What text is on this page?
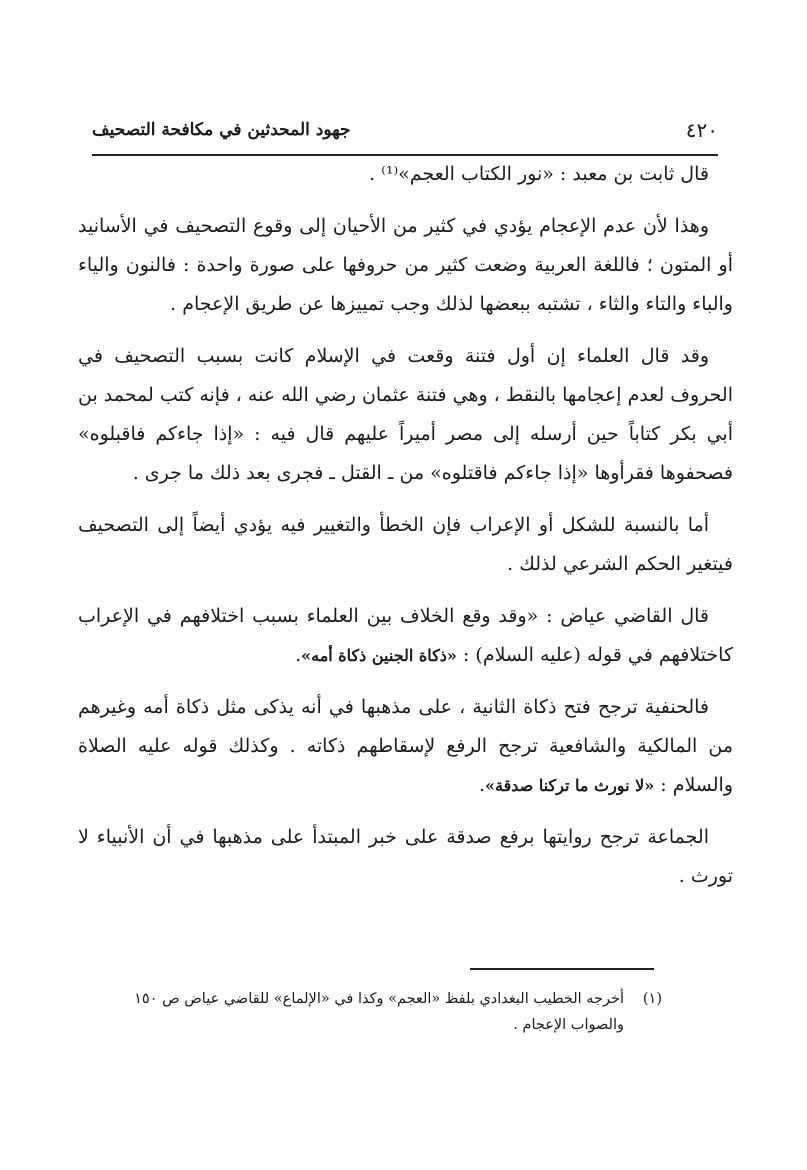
٤٢٠
جهود المحدثين في مكافحة التصحيف

قال ثابت بن معبد : «نور الكتاب العجم»⁽¹⁾ .

وهذا لأن عدم الإعجام يؤدي في كثير من الأحيان إلى وقوع التصحيف في الأسانيد أو المتون ؛ فاللغة العربية وضعت كثير من حروفها على صورة واحدة : فالنون والياء والباء والتاء والثاء ، تشتبه ببعضها لذلك وجب تمييزها عن طريق الإعجام .

وقد قال العلماء إن أول فتنة وقعت في الإسلام كانت بسبب التصحيف في الحروف لعدم إعجامها بالنقط ، وهي فتنة عثمان رضي الله عنه ، فإنه كتب لمحمد بن أبي بكر كتاباً حين أرسله إلى مصر أميراً عليهم قال فيه : «إذا جاءكم فاقبلوه» فصحفوها فقرأوها «إذا جاءكم فاقتلوه» من ـ القتل ـ فجرى بعد ذلك ما جرى .

أما بالنسبة للشكل أو الإعراب فإن الخطأ والتغيير فيه يؤدي أيضاً إلى التصحيف فيتغير الحكم الشرعي لذلك .

قال القاضي عياض : «وقد وقع الخلاف بين العلماء بسبب اختلافهم في الإعراب كاختلافهم في قوله (عليه السلام) : «ذكاة الجنين ذكاة أمه».

فالحنفية ترجح فتح ذكاة الثانية ، على مذهبها في أنه يذكى مثل ذكاة أمه وغيرهم من المالكية والشافعية ترجح الرفع لإسقاطهم ذكاته . وكذلك قوله عليه الصلاة والسلام : «لا نورث ما تركنا صدقة».

الجماعة ترجح روايتها برفع صدقة على خبر المبتدأ على مذهبها في أن الأنبياء لا تورث .

(١)أخرجه الخطيب البغدادي بلفظ «العجم» وكذا في «الإلماع» للقاضي عياض ص ١٥٠
والصواب الإعجام .
